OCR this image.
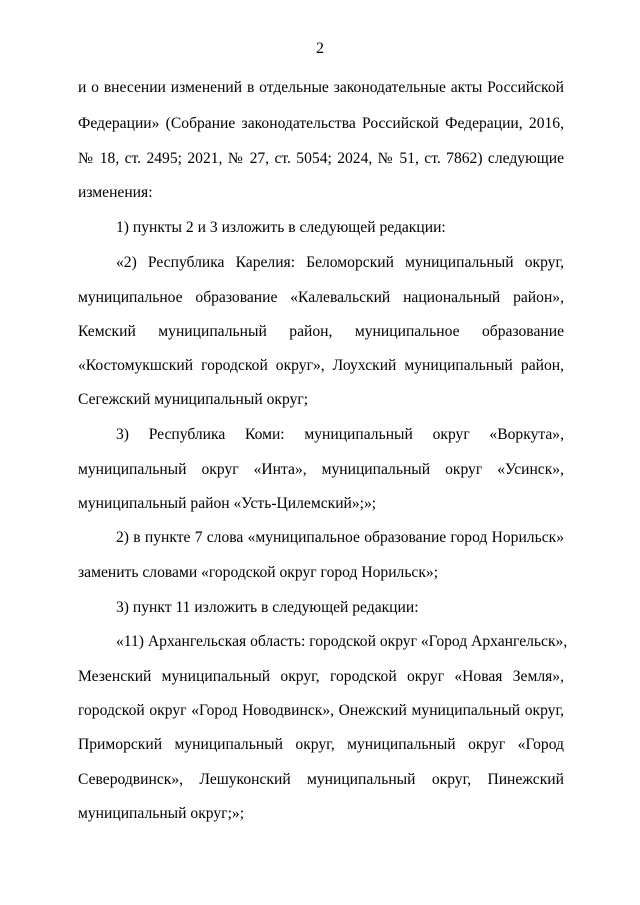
2
и о внесении изменений в отдельные законодательные акты Российской
Федерации» (Собрание законодательства Российской Федерации, 2016,
№ 18, ст. 2495; 2021, № 27, ст. 5054; 2024, № 51, ст. 7862) следующие
изменения:
1) пункты 2 и 3 изложить в следующей редакции:
«2) Республика Карелия: Беломорский муниципальный округ,
муниципальное образование «Калевальский национальный район»,
Кемский муниципальный район, муниципальное образование
«Костомукшский городской округ», Лоухский муниципальный район,
Сегежский муниципальный округ;
3) Республика Коми: муниципальный округ «Воркута»,
муниципальный округ «Инта», муниципальный округ «Усинск»,
муниципальный район «Усть-Цилемский»;»;
2) в пункте 7 слова «муниципальное образование город Норильск»
заменить словами «городской округ город Норильск»;
3) пункт 11 изложить в следующей редакции:
«11) Архангельская область: городской округ «Город Архангельск»,
Мезенский муниципальный округ, городской округ «Новая Земля»,
городской округ «Город Новодвинск», Онежский муниципальный округ,
Приморский муниципальный округ, муниципальный округ «Город
Северодвинск», Лешуконский муниципальный округ, Пинежский
муниципальный округ;»;
